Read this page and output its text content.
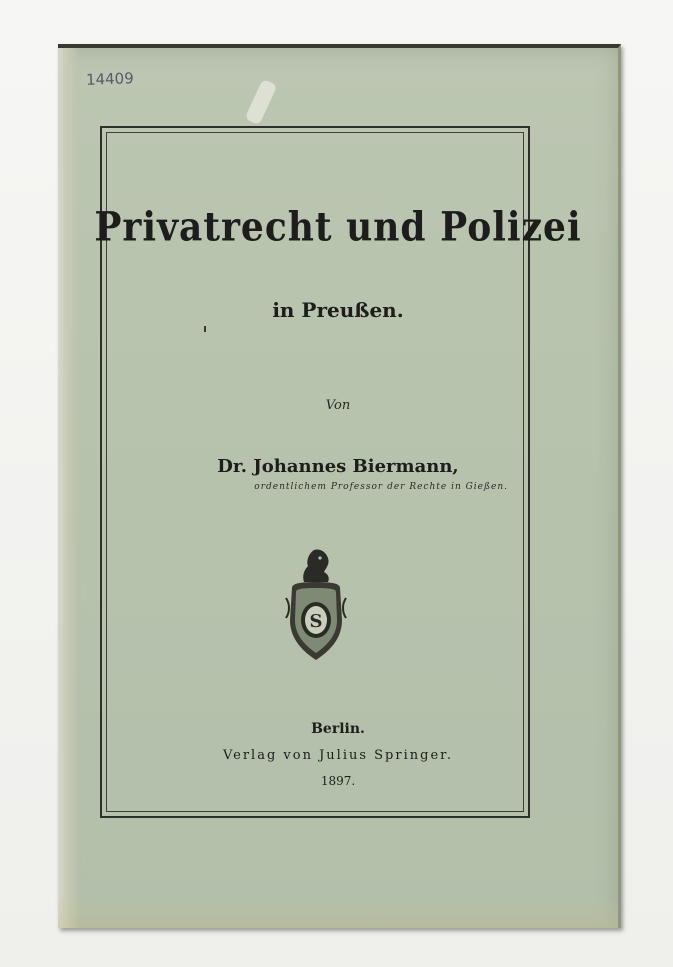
14409
Privatrecht und Polizei
in Preußen.
Von
Dr. Johannes Biermann,
ordentlichem Professor der Rechte in Gießen.
S
Berlin.
Verlag von Julius Springer.
1897.
